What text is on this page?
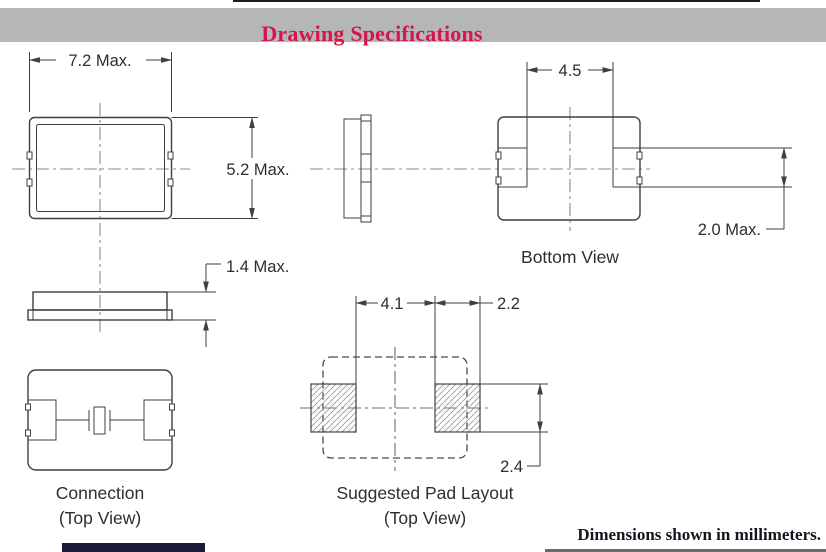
Drawing Specifications
7.2 Max.
5.2 Max.
1.4 Max.
4.5
2.0 Max.
Bottom View
Connection
(Top View)
4.1	2.2
2.4
Suggested Pad Layout
(Top View)
Dimensions shown in millimeters.
